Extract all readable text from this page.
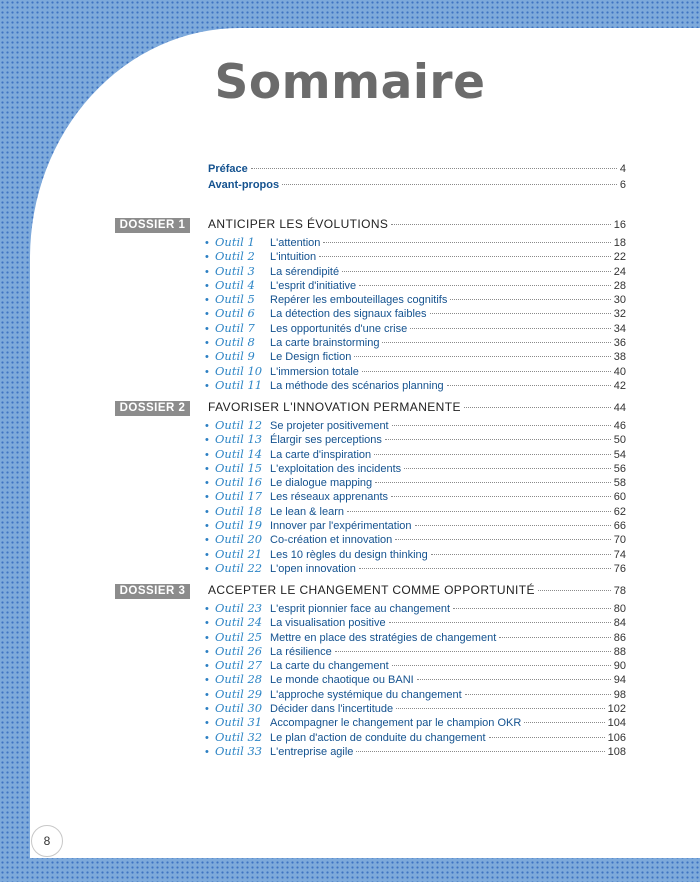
Sommaire
Préface	4
Avant-propos	6
DOSSIER 1	ANTICIPER LES ÉVOLUTIONS	16
• Outil 1	L'attention	18
• Outil 2	L'intuition	22
• Outil 3	La sérendipité	24
• Outil 4	L'esprit d'initiative	28
• Outil 5	Repérer les embouteillages cognitifs	30
• Outil 6	La détection des signaux faibles	32
• Outil 7	Les opportunités d'une crise	34
• Outil 8	La carte brainstorming	36
• Outil 9	Le Design fiction	38
• Outil 10 L'immersion totale	40
• Outil 11 La méthode des scénarios planning	42
DOSSIER 2	FAVORISER L'INNOVATION PERMANENTE	44
• Outil 12 Se projeter positivement	46
• Outil 13 Élargir ses perceptions	50
• Outil 14 La carte d'inspiration	54
• Outil 15 L'exploitation des incidents	56
• Outil 16 Le dialogue mapping	58
• Outil 17 Les réseaux apprenants	60
• Outil 18 Le lean & learn	62
• Outil 19 Innover par l'expérimentation	66
• Outil 20 Co-création et innovation	70
• Outil 21 Les 10 règles du design thinking	74
• Outil 22 L'open innovation	76
DOSSIER 3	ACCEPTER LE CHANGEMENT COMME OPPORTUNITÉ	78
• Outil 23 L'esprit pionnier face au changement	80
• Outil 24 La visualisation positive	84
• Outil 25 Mettre en place des stratégies de changement	86
• Outil 26 La résilience	88
• Outil 27 La carte du changement	90
• Outil 28 Le monde chaotique ou BANI	94
• Outil 29 L'approche systémique du changement	98
• Outil 30 Décider dans l'incertitude	102
• Outil 31 Accompagner le changement par le champion OKR	104
• Outil 32 Le plan d'action de conduite du changement	106
• Outil 33 L'entreprise agile	108
8
